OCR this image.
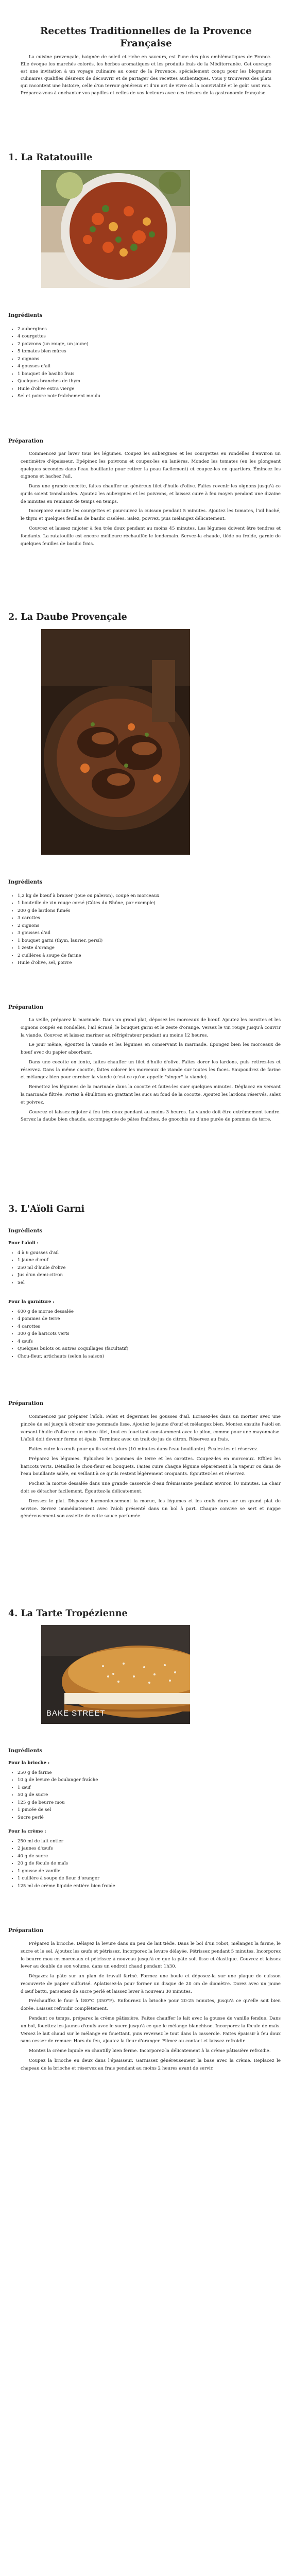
Recettes Traditionnelles de la Provence Française

La cuisine provençale, baignée de soleil et riche en saveurs, est l'une des plus emblématiques de France. Elle évoque les marchés colorés, les herbes aromatiques et les produits frais de la Méditerranée. Cet ouvrage est une invitation à un voyage culinaire au cœur de la Provence, spécialement conçu pour les blogueurs culinaires qualifiés désireux de découvrir et de partager des recettes authentiques. Vous y trouverez des plats qui racontent une histoire, celle d'un terroir généreux et d'un art de vivre où la convivialité et le goût sont rois. Préparez-vous à enchanter vos papilles et celles de vos lecteurs avec ces trésors de la gastronomie française.

1. La Ratatouille
Ingrédients
• 2 aubergines
• 4 courgettes
• 2 poivrons (un rouge, un jaune)
• 5 tomates bien mûres
• 2 oignons
• 4 gousses d'ail
• 1 bouquet de basilic frais
• Quelques branches de thym
• Huile d'olive extra vierge
• Sel et poivre noir fraîchement moulu
Préparation

Commencez par laver tous les légumes. Coupez les aubergines et les courgettes en rondelles d'environ un centimètre d'épaisseur. Épépinez les poivrons et coupez-les en lanières. Mondez les tomates (en les plongeant quelques secondes dans l'eau bouillante pour retirer la peau facilement) et coupez-les en quartiers. Émincez les oignons et hachez l'ail.

Dans une grande cocotte, faites chauffer un généreux filet d'huile d'olive. Faites revenir les oignons jusqu'à ce qu'ils soient translucides. Ajoutez les aubergines et les poivrons, et laissez cuire à feu moyen pendant une dizaine de minutes en remuant de temps en temps.

Incorporez ensuite les courgettes et poursuivez la cuisson pendant 5 minutes. Ajoutez les tomates, l'ail haché, le thym et quelques feuilles de basilic ciselées. Salez, poivrez, puis mélangez délicatement.

Couvrez et laissez mijoter à feu très doux pendant au moins 45 minutes. Les légumes doivent être tendres et fondants. La ratatouille est encore meilleure réchauffée le lendemain. Servez-la chaude, tiède ou froide, garnie de quelques feuilles de basilic frais.

2. La Daube Provençale
Ingrédients
• 1,2 kg de bœuf à braiser (joue ou paleron), coupé en morceaux
• 1 bouteille de vin rouge corsé (Côtes du Rhône, par exemple)
• 200 g de lardons fumés
• 3 carottes
• 2 oignons
• 3 gousses d'ail
• 1 bouquet garni (thym, laurier, persil)
• 1 zeste d'orange
• 2 cuillères à soupe de farine
• Huile d'olive, sel, poivre
Préparation

La veille, préparez la marinade. Dans un grand plat, déposez les morceaux de bœuf. Ajoutez les carottes et les oignons coupés en rondelles, l'ail écrasé, le bouquet garni et le zeste d'orange. Versez le vin rouge jusqu'à couvrir la viande. Couvrez et laissez mariner au réfrigérateur pendant au moins 12 heures.

Le jour même, égouttez la viande et les légumes en conservant la marinade. Épongez bien les morceaux de bœuf avec du papier absorbant.

Dans une cocotte en fonte, faites chauffer un filet d'huile d'olive. Faites dorer les lardons, puis retirez-les et réservez. Dans la même cocotte, faites colorer les morceaux de viande sur toutes les faces. Saupoudrez de farine et mélangez bien pour enrober la viande (c'est ce qu'on appelle "singer" la viande).

Remettez les légumes de la marinade dans la cocotte et faites-les suer quelques minutes. Déglacez en versant la marinade filtrée. Portez à ébullition en grattant les sucs au fond de la cocotte. Ajoutez les lardons réservés, salez et poivrez.

Couvrez et laissez mijoter à feu très doux pendant au moins 3 heures. La viande doit être extrêmement tendre. Servez la daube bien chaude, accompagnée de pâtes fraîches, de gnocchis ou d'une purée de pommes de terre.

3. L'Aïoli Garni
Ingrédients
Pour l'aïoli :
• 4 à 6 gousses d'ail
• 1 jaune d'œuf
• 250 ml d'huile d'olive
• Jus d'un demi-citron
• Sel
Pour la garniture :
• 600 g de morue dessalée
• 4 pommes de terre
• 4 carottes
• 300 g de haricots verts
• 4 œufs
• Quelques bulots ou autres coquillages (facultatif)
• Chou-fleur, artichauts (selon la saison)
Préparation

Commencez par préparer l'aïoli. Pelez et dégermez les gousses d'ail. Écrasez-les dans un mortier avec une pincée de sel jusqu'à obtenir une pommade lisse. Ajoutez le jaune d'œuf et mélangez bien. Montez ensuite l'aïoli en versant l'huile d'olive en un mince filet, tout en fouettant constamment avec le pilon, comme pour une mayonnaise. L'aïoli doit devenir ferme et épais. Terminez avec un trait de jus de citron. Réservez au frais.

Faites cuire les œufs pour qu'ils soient durs (10 minutes dans l'eau bouillante). Écalez-les et réservez.

Préparez les légumes. Épluchez les pommes de terre et les carottes. Coupez-les en morceaux. Effilez les haricots verts. Détaillez le chou-fleur en bouquets. Faites cuire chaque légume séparément à la vapeur ou dans de l'eau bouillante salée, en veillant à ce qu'ils restent légèrement croquants. Égouttez-les et réservez.

Pochez la morue dessalée dans une grande casserole d'eau frémissante pendant environ 10 minutes. La chair doit se détacher facilement. Égouttez-la délicatement.

Dressez le plat. Disposez harmonieusement la morue, les légumes et les œufs durs sur un grand plat de service. Servez immédiatement avec l'aïoli présenté dans un bol à part. Chaque convive se sert et nappe généreusement son assiette de cette sauce parfumée.

4. La Tarte Tropézienne
BAKE STREET
Ingrédients
Pour la brioche :
• 250 g de farine
• 10 g de levure de boulanger fraîche
• 1 œuf
• 50 g de sucre
• 125 g de beurre mou
• 1 pincée de sel
• Sucre perlé
Pour la crème :
• 250 ml de lait entier
• 2 jaunes d'œufs
• 40 g de sucre
• 20 g de fécule de maïs
• 1 gousse de vanille
• 1 cuillère à soupe de fleur d'oranger
• 125 ml de crème liquide entière bien froide
Préparation

Préparez la brioche. Délayez la levure dans un peu de lait tiède. Dans le bol d'un robot, mélangez la farine, le sucre et le sel. Ajoutez les œufs et pétrissez. Incorporez la levure délayée. Pétrissez pendant 5 minutes. Incorporez le beurre mou en morceaux et pétrissez à nouveau jusqu'à ce que la pâte soit lisse et élastique. Couvrez et laissez lever au double de son volume, dans un endroit chaud pendant 1h30.

Dégazez la pâte sur un plan de travail fariné. Formez une boule et déposez-la sur une plaque de cuisson recouverte de papier sulfurisé. Aplatissez-la pour former un disque de 20 cm de diamètre. Dorez avec un jaune d'œuf battu, parsemez de sucre perlé et laissez lever à nouveau 30 minutes.

Préchauffez le four à 180°C (350°F). Enfournez la brioche pour 20-25 minutes, jusqu'à ce qu'elle soit bien dorée. Laissez refroidir complètement.

Pendant ce temps, préparez la crème pâtissière. Faites chauffer le lait avec la gousse de vanille fendue. Dans un bol, fouettez les jaunes d'œufs avec le sucre jusqu'à ce que le mélange blanchisse. Incorporez la fécule de maïs. Versez le lait chaud sur le mélange en fouettant, puis reversez le tout dans la casserole. Faites épaissir à feu doux sans cesser de remuer. Hors du feu, ajoutez la fleur d'oranger. Filmez au contact et laissez refroidir.

Montez la crème liquide en chantilly bien ferme. Incorporez-la délicatement à la crème pâtissière refroidie.

Coupez la brioche en deux dans l'épaisseur. Garnissez généreusement la base avec la crème. Replacez le chapeau de la brioche et réservez au frais pendant au moins 2 heures avant de servir.
